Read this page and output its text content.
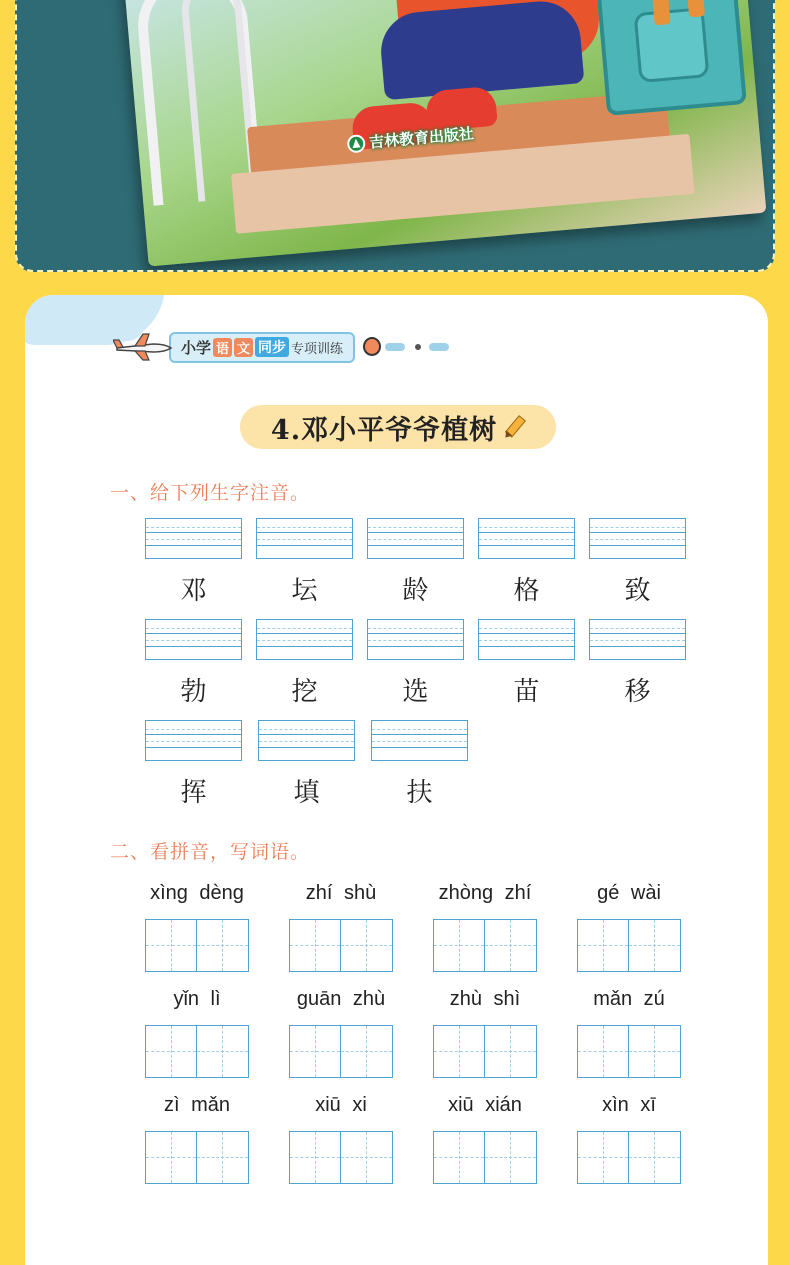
吉林教育出版社
小学 语 文 同步 专项训练
4.邓小平爷爷植树
一、给下列生字注音。
邓	坛	龄	格	致
勃	挖	选	苗	移
挥	填	扶
二、看拼音，写词语。
xìng dèng	zhí shù	zhòng zhí	gé wài
yǐn lì	guān zhù	zhù shì	mǎn zú
zì mǎn	xiū xi	xiū xián	xìn xī
